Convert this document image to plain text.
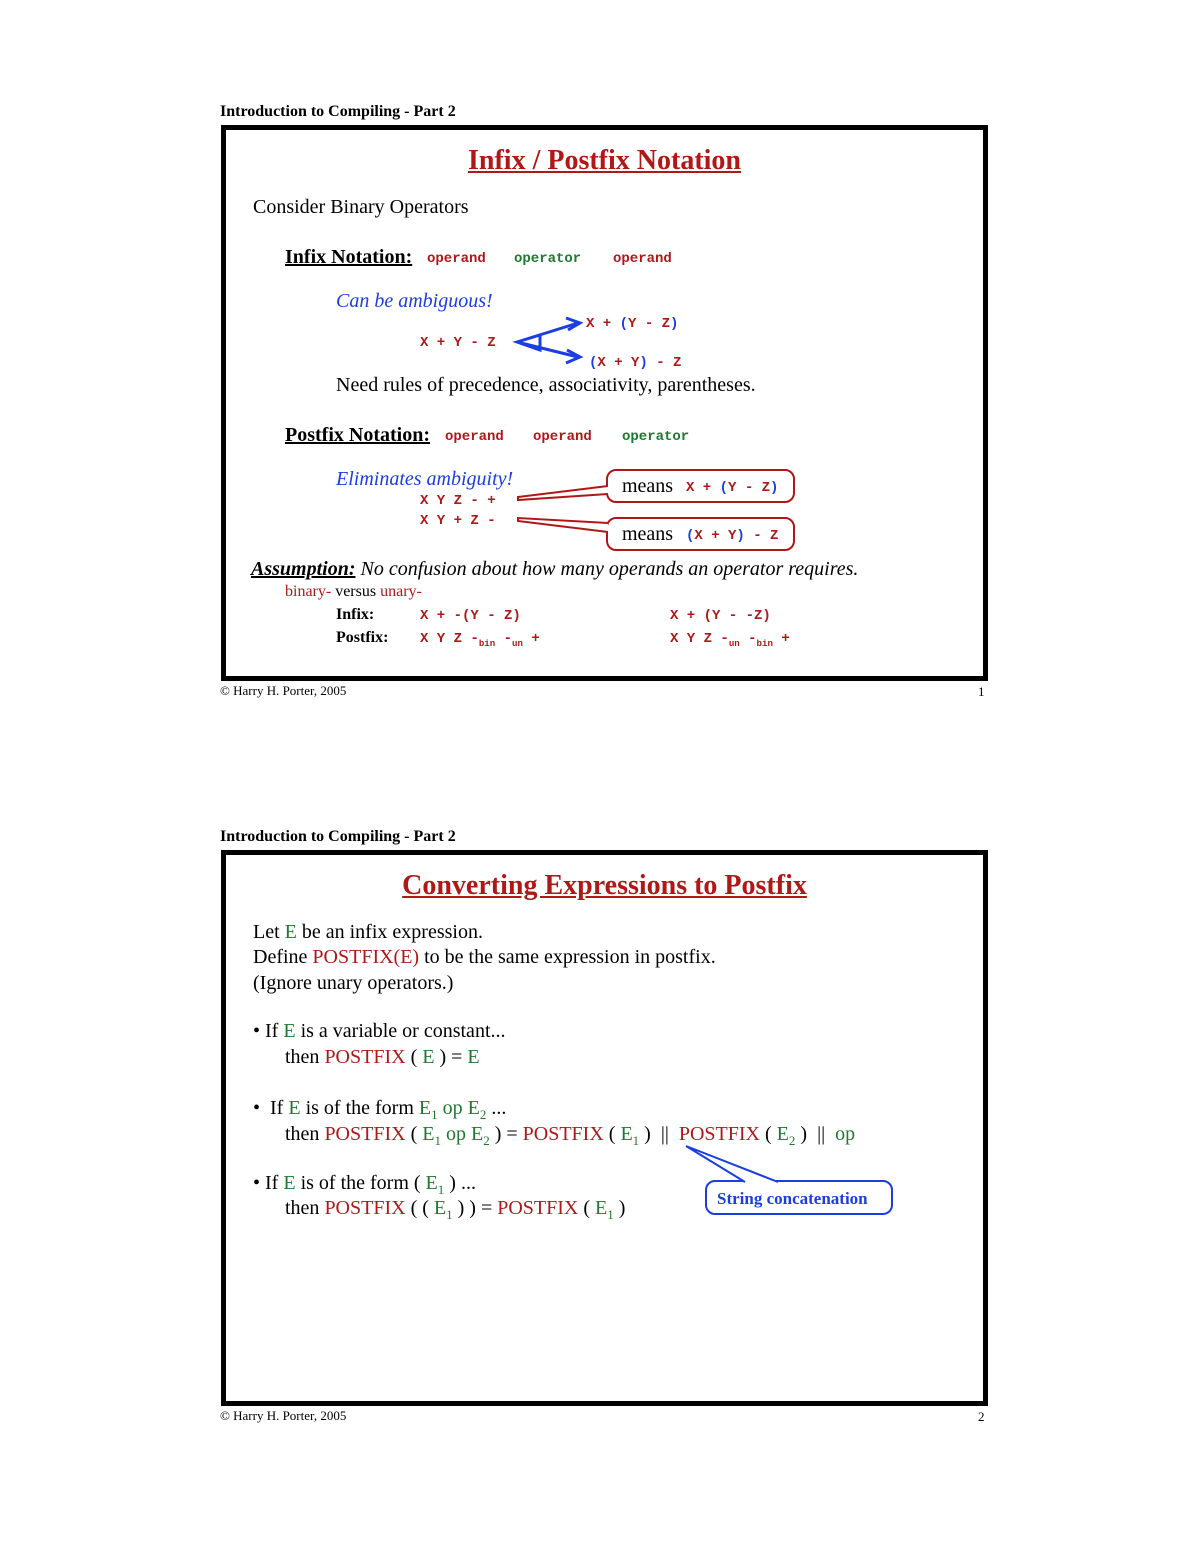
Introduction to Compiling - Part 2
Infix / Postfix Notation
Consider Binary Operators
Infix Notation: operand operator operand
Can be ambiguous!
X + Y - Z
X + (Y - Z)
(X + Y) - Z
Need rules of precedence, associativity, parentheses.
Postfix Notation: operand operand operator
Eliminates ambiguity!
X Y Z - +
X Y + Z -
means X + (Y - Z)
means (X + Y) - Z
Assumption: No confusion about how many operands an operator requires.
binary- versus unary-
Infix:	X + -(Y - Z)	X + (Y - -Z)
Postfix: X Y Z $-_{bin}$ $-_{un}$ +	X Y Z $-_{un}$ $-_{bin}$ +
© Harry H. Porter, 2005	1
Introduction to Compiling - Part 2
Converting Expressions to Postfix
Let E be an infix expression.
Define POSTFIX(E) to be the same expression in postfix.
(Ignore unary operators.)
• If E is a variable or constant...
then POSTFIX ( E ) = E
• If E is of the form $E_1$ op $E_2$ ...
then POSTFIX ( $E_1$ op $E_2$ ) = POSTFIX ( $E_1$ )  || POSTFIX ( $E_2$ )  || op
• If E is of the form ( $E_1$ ) ...
then POSTFIX ( ( $E_1$ ) ) = POSTFIX ( $E_1$ )	String concatenation
© Harry H. Porter, 2005	2
